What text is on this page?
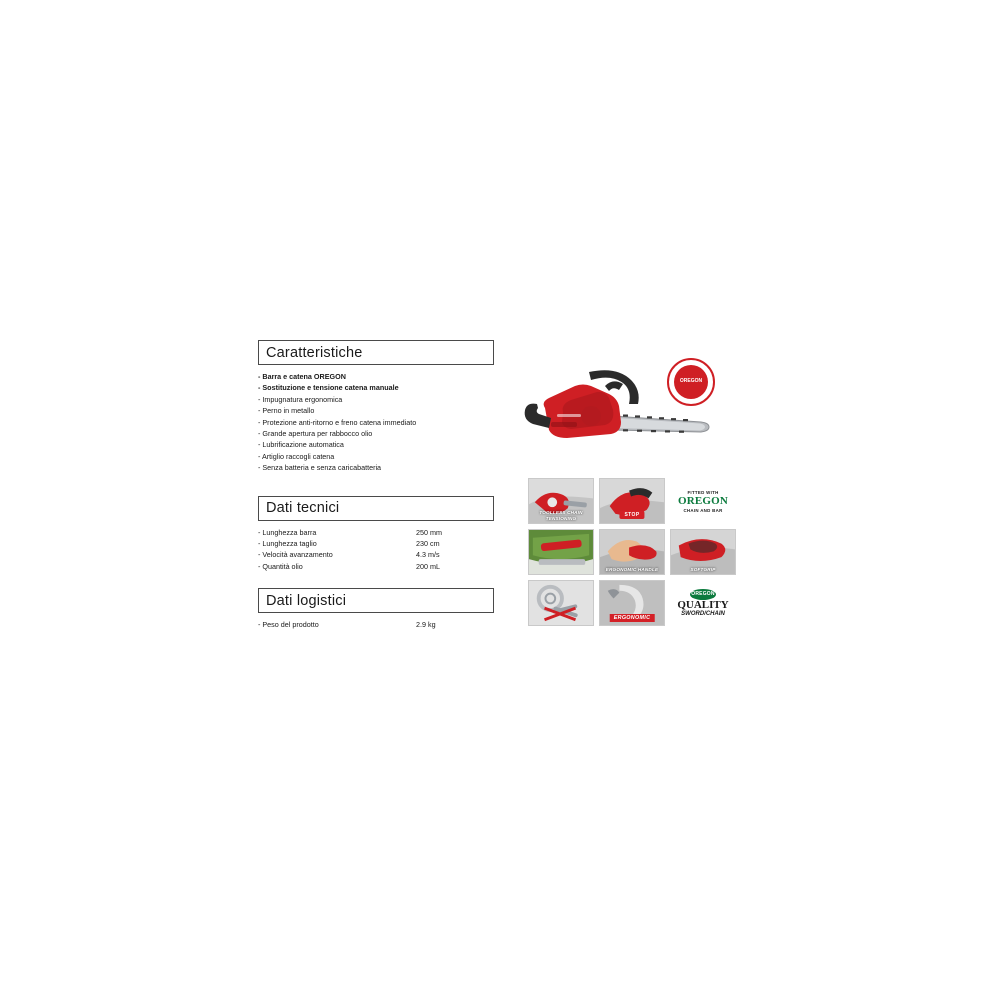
Caratteristiche
- Barra e catena OREGON
- Sostituzione e tensione catena manuale
- Impugnatura ergonomica
- Perno in metallo
- Protezione anti-ritorno e freno catena immediato
- Grande apertura per rabbocco olio
- Lubrificazione automatica
- Artiglio raccogli catena
- Senza batteria e senza caricabatteria
Dati tecnici
- Lunghezza barra	250 mm
- Lunghezza taglio	230 cm
- Velocità avanzamento	4.3 m/s
- Quantità olio	200 mL
Dati logistici
- Peso del prodotto	2.9 kg
OREGON
TOOLLESS CHAIN TENSIONING
STOP
FITTED WITH
OREGON
CHAIN AND BAR
ERGONOMIC HANDLE	SOFTGRIP
ERGONOMIC
OREGON
QUALITY
SWORD/CHAIN
